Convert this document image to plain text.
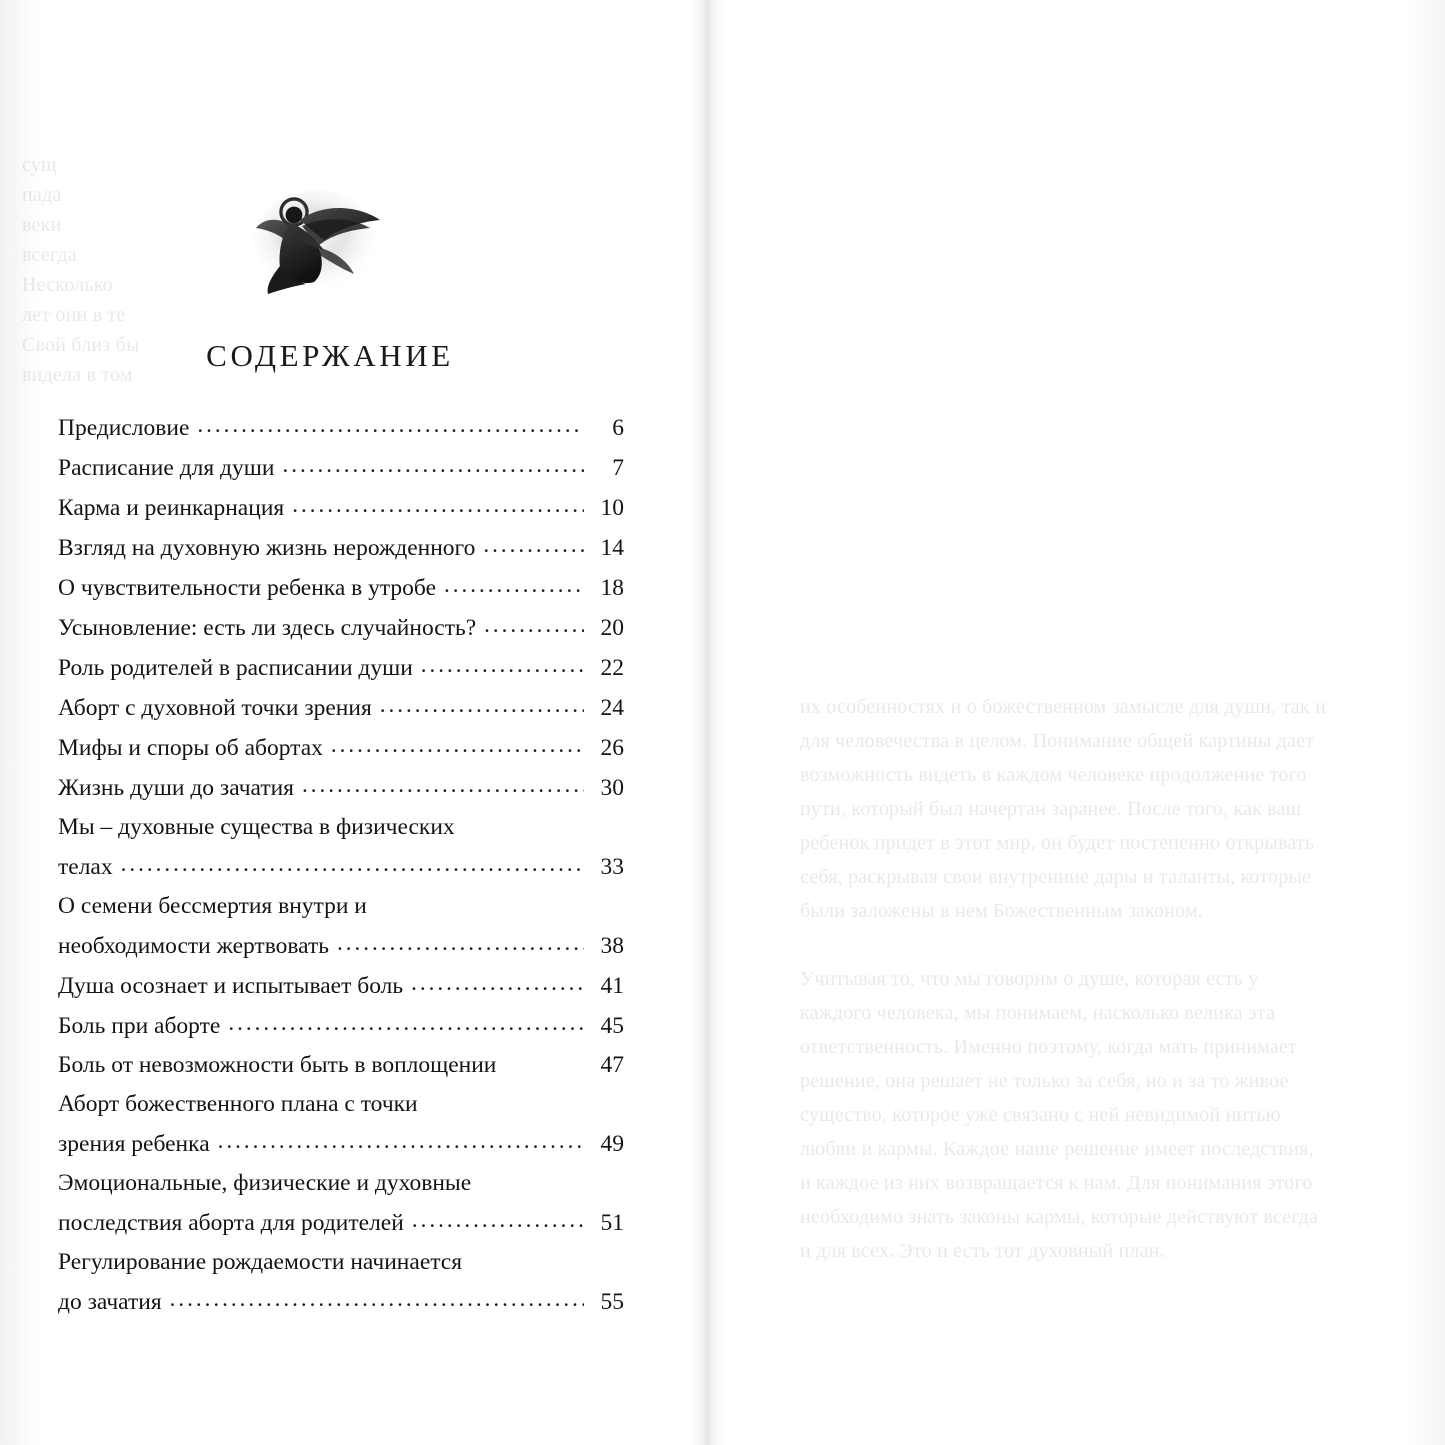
сущ
пада
веки
всегда
Несколько
лет они в те
Свой близ бы
видела в том
СОДЕРЖАНИЕ
Предисловие .....	6
Расписание для души .....	7
Карма и реинкарнация .....	10
Взгляд на духовную жизнь нерожденного .....	14
О чувствительности ребенка в утробе .....	18
Усыновление: есть ли здесь случайность? .....	20
Роль родителей в расписании души .....	22
Аборт с духовной точки зрения .....	24
Мифы и споры об абортах .....	26
Жизнь души до зачатия .....	30
Мы – духовные существа в физических
телах .....	33
О семени бессмертия внутри и
необходимости жертвовать .....	38
Душа осознает и испытывает боль .....	41
Боль при аборте .....	45
Боль от невозможности быть в воплощении	47
Аборт божественного плана с точки
зрения ребенка .....	49
Эмоциональные, физические и духовные
последствия аборта для родителей .....	51
Регулирование рождаемости начинается
до зачатия .....	55
их особенностях и о божественном замысле для души, так и
для человечества в целом. Понимание общей картины дает
возможность видеть в каждом человеке продолжение того
пути, который был начертан заранее. После того, как ваш
ребенок придет в этот мир, он будет постепенно открывать
себя, раскрывая свои внутренние дары и таланты, которые
были заложены в нем Божественным законом.

Учитывая то, что мы говорим о душе, которая есть у
каждого человека, мы понимаем, насколько велика эта
ответственность. Именно поэтому, когда мать принимает
решение, она решает не только за себя, но и за то живое
существо, которое уже связано с ней невидимой нитью
любви и кармы. Каждое наше решение имеет последствия,
и каждое из них возвращается к нам. Для понимания этого
необходимо знать законы кармы, которые действуют всегда
и для всех. Это и есть тот духовный план.
